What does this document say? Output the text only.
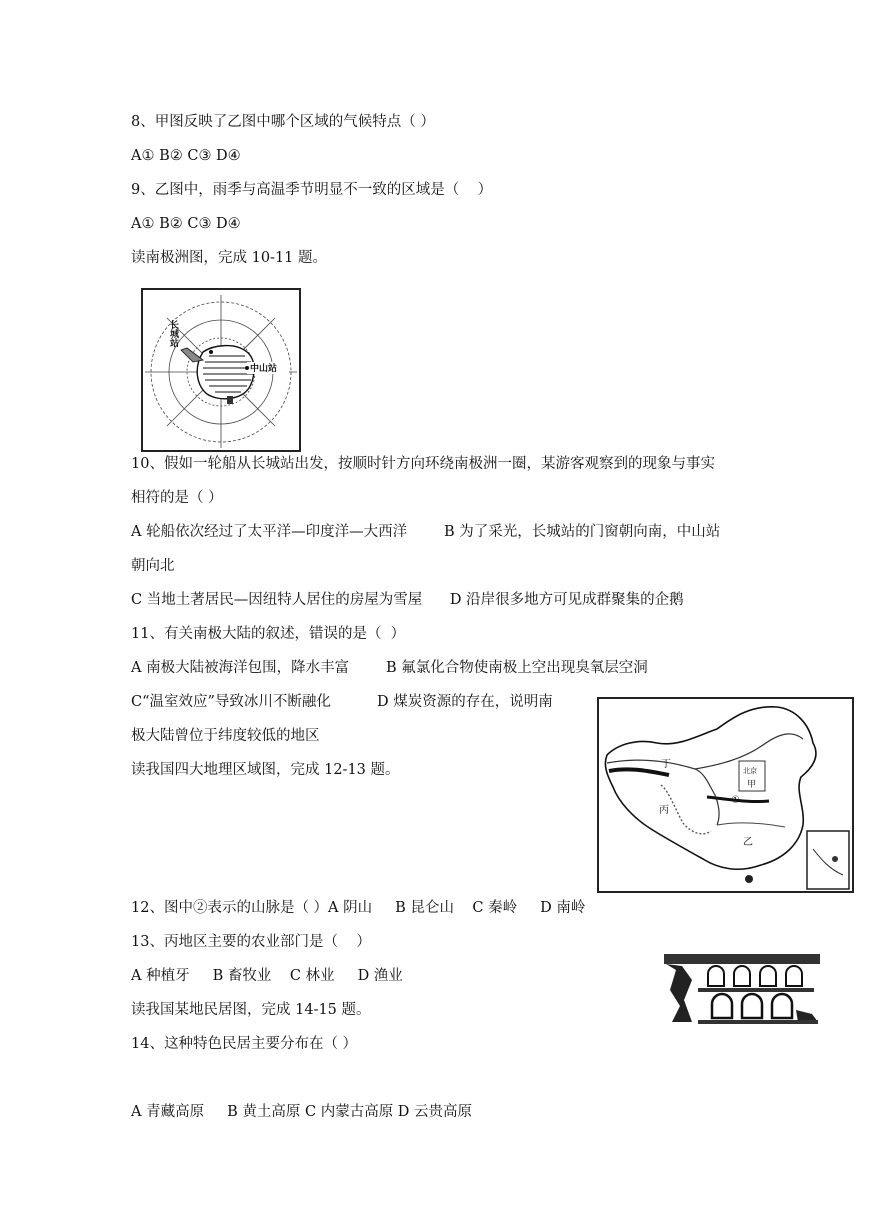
8、甲图反映了乙图中哪个区域的气候特点（ ）
A① B② C③ D④
9、乙图中，雨季与高温季节明显不一致的区域是（    ）
A① B② C③ D④
读南极洲图，完成 10-11 题。
长城站
中山站
10、假如一轮船从长城站出发，按顺时针方向环绕南极洲一圈，某游客观察到的现象与事实
相符的是（ ）
A 轮船依次经过了太平洋—印度洋—大西洋        B 为了采光，长城站的门窗朝向南，中山站
朝向北
C 当地土著居民—因纽特人居住的房屋为雪屋      D 沿岸很多地方可见成群聚集的企鹅
11、有关南极大陆的叙述，错误的是（  ）
A 南极大陆被海洋包围，降水丰富        B 氟氯化合物使南极上空出现臭氧层空洞
C“温室效应”导致冰川不断融化          D 煤炭资源的存在，说明南
极大陆曾位于纬度较低的地区
读我国四大地理区域图，完成 12-13 题。	丁
丙
乙
甲
北京
①
12、图中②表示的山脉是（ ）A 阴山     B 昆仑山    C 秦岭     D 南岭
13、丙地区主要的农业部门是（    ）
A 种植牙     B 畜牧业    C 林业     D 渔业
读我国某地民居图，完成 14-15 题。
14、这种特色民居主要分布在（ ）
A 青藏高原     B 黄土高原 C 内蒙古高原 D 云贵高原
